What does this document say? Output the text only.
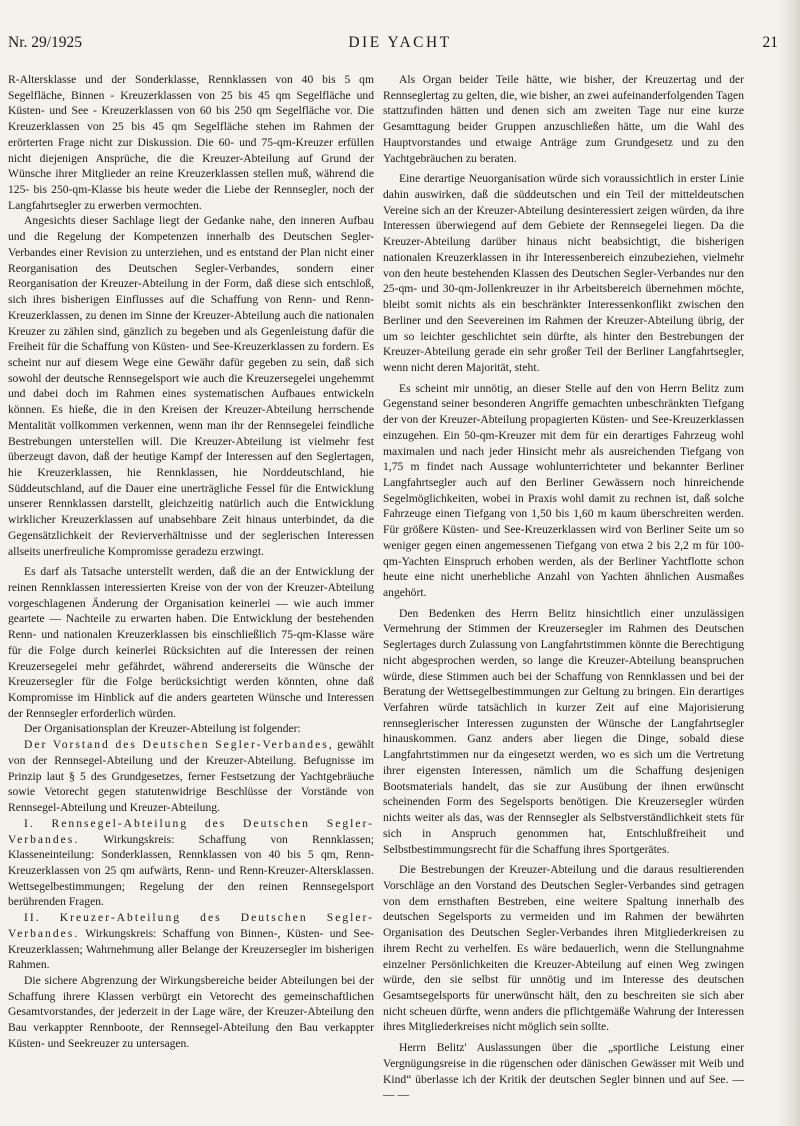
Nr. 29/1925	DIE YACHT	21

R-Altersklasse und der Sonderklasse, Rennklassen von 40 bis 5 qm Segelfläche, Binnen - Kreuzerklassen von 25 bis 45 qm Segelfläche und Küsten- und See - Kreuzerklassen von 60 bis 250 qm Segelfläche vor. Die Kreuzerklassen von 25 bis 45 qm Segelfläche stehen im Rahmen der erörterten Frage nicht zur Diskussion. Die 60- und 75-qm-Kreuzer erfüllen nicht diejenigen Ansprüche, die die Kreuzer-Abteilung auf Grund der Wünsche ihrer Mitglieder an reine Kreuzerklassen stellen muß, während die 125- bis 250-qm-Klasse bis heute weder die Liebe der Rennsegler, noch der Langfahrtsegler zu erwerben vermochten.

Angesichts dieser Sachlage liegt der Gedanke nahe, den inneren Aufbau und die Regelung der Kompetenzen innerhalb des Deutschen Segler-Verbandes einer Revision zu unterziehen, und es entstand der Plan nicht einer Reorganisation des Deutschen Segler-Verbandes, sondern einer Reorganisation der Kreuzer-Abteilung in der Form, daß diese sich entschloß, sich ihres bisherigen Einflusses auf die Schaffung von Renn- und Renn-Kreuzerklassen, zu denen im Sinne der Kreuzer-Abteilung auch die nationalen Kreuzer zu zählen sind, gänzlich zu begeben und als Gegenleistung dafür die Freiheit für die Schaffung von Küsten- und See-Kreuzerklassen zu fordern. Es scheint nur auf diesem Wege eine Gewähr dafür gegeben zu sein, daß sich sowohl der deutsche Rennsegelsport wie auch die Kreuzersegelei ungehemmt und dabei doch im Rahmen eines systematischen Aufbaues entwickeln können. Es hieße, die in den Kreisen der Kreuzer-Abteilung herrschende Mentalität vollkommen verkennen, wenn man ihr der Rennsegelei feindliche Bestrebungen unterstellen will. Die Kreuzer-Abteilung ist vielmehr fest überzeugt davon, daß der heutige Kampf der Interessen auf den Seglertagen, hie Kreuzerklassen, hie Rennklassen, hie Norddeutschland, hie Süddeutschland, auf die Dauer eine unerträgliche Fessel für die Entwicklung unserer Rennklassen darstellt, gleichzeitig natürlich auch die Entwicklung wirklicher Kreuzerklassen auf unabsehbare Zeit hinaus unterbindet, da die Gegensätzlichkeit der Revierverhältnisse und der seglerischen Interessen allseits unerfreuliche Kompromisse geradezu erzwingt.

Es darf als Tatsache unterstellt werden, daß die an der Entwicklung der reinen Rennklassen interessierten Kreise von der von der Kreuzer-Abteilung vorgeschlagenen Änderung der Organisation keinerlei — wie auch immer geartete — Nachteile zu erwarten haben. Die Entwicklung der bestehenden Renn- und nationalen Kreuzerklassen bis einschließlich 75-qm-Klasse wäre für die Folge durch keinerlei Rücksichten auf die Interessen der reinen Kreuzersegelei mehr gefährdet, während andererseits die Wünsche der Kreuzersegler für die Folge berücksichtigt werden könnten, ohne daß Kompromisse im Hinblick auf die anders gearteten Wünsche und Interessen der Rennsegler erforderlich würden.

Der Organisationsplan der Kreuzer-Abteilung ist folgender:

Der Vorstand des Deutschen Segler-Verbandes, gewählt von der Rennsegel-Abteilung und der Kreuzer-Abteilung. Befugnisse im Prinzip laut § 5 des Grundgesetzes, ferner Festsetzung der Yachtgebräuche sowie Vetorecht gegen statutenwidrige Beschlüsse der Vorstände von Rennsegel-Abteilung und Kreuzer-Abteilung.

I. Rennsegel-Abteilung des Deutschen Segler-Verbandes. Wirkungskreis: Schaffung von Rennklassen; Klasseneinteilung: Sonderklassen, Rennklassen von 40 bis 5 qm, Renn-Kreuzerklassen von 25 qm aufwärts, Renn- und Renn-Kreuzer-Altersklassen. Wettsegelbestimmungen; Regelung der den reinen Rennsegelsport berührenden Fragen.

II. Kreuzer-Abteilung des Deutschen Segler-Verbandes. Wirkungskreis: Schaffung von Binnen-, Küsten- und See-Kreuzerklassen; Wahrnehmung aller Belange der Kreuzersegler im bisherigen Rahmen.

Die sichere Abgrenzung der Wirkungsbereiche beider Abteilungen bei der Schaffung ihrere Klassen verbürgt ein Vetorecht des gemeinschaftlichen Gesamtvorstandes, der jederzeit in der Lage wäre, der Kreuzer-Abteilung den Bau verkappter Rennboote, der Rennsegel-Abteilung den Bau verkappter Küsten- und Seekreuzer zu untersagen.

Als Organ beider Teile hätte, wie bisher, der Kreuzertag und der Rennseglertag zu gelten, die, wie bisher, an zwei aufeinanderfolgenden Tagen stattzufinden hätten und denen sich am zweiten Tage nur eine kurze Gesamttagung beider Gruppen anzuschließen hätte, um die Wahl des Hauptvorstandes und etwaige Anträge zum Grundgesetz und zu den Yachtgebräuchen zu beraten.

Eine derartige Neuorganisation würde sich voraussichtlich in erster Linie dahin auswirken, daß die süddeutschen und ein Teil der mitteldeutschen Vereine sich an der Kreuzer-Abteilung desinteressiert zeigen würden, da ihre Interessen überwiegend auf dem Gebiete der Rennsegelei liegen. Da die Kreuzer-Abteilung darüber hinaus nicht beabsichtigt, die bisherigen nationalen Kreuzerklassen in ihr Interessenbereich einzubeziehen, vielmehr von den heute bestehenden Klassen des Deutschen Segler-Verbandes nur den 25-qm- und 30-qm-Jollenkreuzer in ihr Arbeitsbereich übernehmen möchte, bleibt somit nichts als ein beschränkter Interessenkonflikt zwischen den Berliner und den Seevereinen im Rahmen der Kreuzer-Abteilung übrig, der um so leichter geschlichtet sein dürfte, als hinter den Bestrebungen der Kreuzer-Abteilung gerade ein sehr großer Teil der Berliner Langfahrtsegler, wenn nicht deren Majorität, steht.

Es scheint mir unnötig, an dieser Stelle auf den von Herrn Belitz zum Gegenstand seiner besonderen Angriffe gemachten unbeschränkten Tiefgang der von der Kreuzer-Abteilung propagierten Küsten- und See-Kreuzerklassen einzugehen. Ein 50-qm-Kreuzer mit dem für ein derartiges Fahrzeug wohl maximalen und nach jeder Hinsicht mehr als ausreichenden Tiefgang von 1,75 m findet nach Aussage wohlunterrichteter und bekannter Berliner Langfahrtsegler auch auf den Berliner Gewässern noch hinreichende Segelmöglichkeiten, wobei in Praxis wohl damit zu rechnen ist, daß solche Fahrzeuge einen Tiefgang von 1,50 bis 1,60 m kaum überschreiten werden. Für größere Küsten- und See-Kreuzerklassen wird von Berliner Seite um so weniger gegen einen angemessenen Tiefgang von etwa 2 bis 2,2 m für 100-qm-Yachten Einspruch erhoben werden, als der Berliner Yachtflotte schon heute eine nicht unerhebliche Anzahl von Yachten ähnlichen Ausmaßes angehört.

Den Bedenken des Herrn Belitz hinsichtlich einer unzulässigen Vermehrung der Stimmen der Kreuzersegler im Rahmen des Deutschen Seglertages durch Zulassung von Langfahrtstimmen könnte die Berechtigung nicht abgesprochen werden, so lange die Kreuzer-Abteilung beanspruchen würde, diese Stimmen auch bei der Schaffung von Rennklassen und bei der Beratung der Wettsegelbestimmungen zur Geltung zu bringen. Ein derartiges Verfahren würde tatsächlich in kurzer Zeit auf eine Majorisierung rennseglerischer Interessen zugunsten der Wünsche der Langfahrtsegler hinauskommen. Ganz anders aber liegen die Dinge, sobald diese Langfahrtstimmen nur da eingesetzt werden, wo es sich um die Vertretung ihrer eigensten Interessen, nämlich um die Schaffung desjenigen Bootsmaterials handelt, das sie zur Ausübung der ihnen erwünscht scheinenden Form des Segelsports benötigen. Die Kreuzersegler würden nichts weiter als das, was der Rennsegler als Selbstverständlichkeit stets für sich in Anspruch genommen hat, Entschlußfreiheit und Selbstbestimmungsrecht für die Schaffung ihres Sportgerätes.

Die Bestrebungen der Kreuzer-Abteilung und die daraus resultierenden Vorschläge an den Vorstand des Deutschen Segler-Verbandes sind getragen von dem ernsthaften Bestreben, eine weitere Spaltung innerhalb des deutschen Segelsports zu vermeiden und im Rahmen der bewährten Organisation des Deutschen Segler-Verbandes ihren Mitgliederkreisen zu ihrem Recht zu verhelfen. Es wäre bedauerlich, wenn die Stellungnahme einzelner Persönlichkeiten die Kreuzer-Abteilung auf einen Weg zwingen würde, den sie selbst für unnötig und im Interesse des deutschen Gesamtsegelsports für unerwünscht hält, den zu beschreiten sie sich aber nicht scheuen dürfte, wenn anders die pflichtgemäße Wahrung der Interessen ihres Mitgliederkreises nicht möglich sein sollte.

Herrn Belitz' Auslassungen über die „sportliche Leistung einer Vergnügungsreise in die rügenschen oder dänischen Gewässer mit Weib und Kind“ überlasse ich der Kritik der deutschen Segler binnen und auf See. — — —
